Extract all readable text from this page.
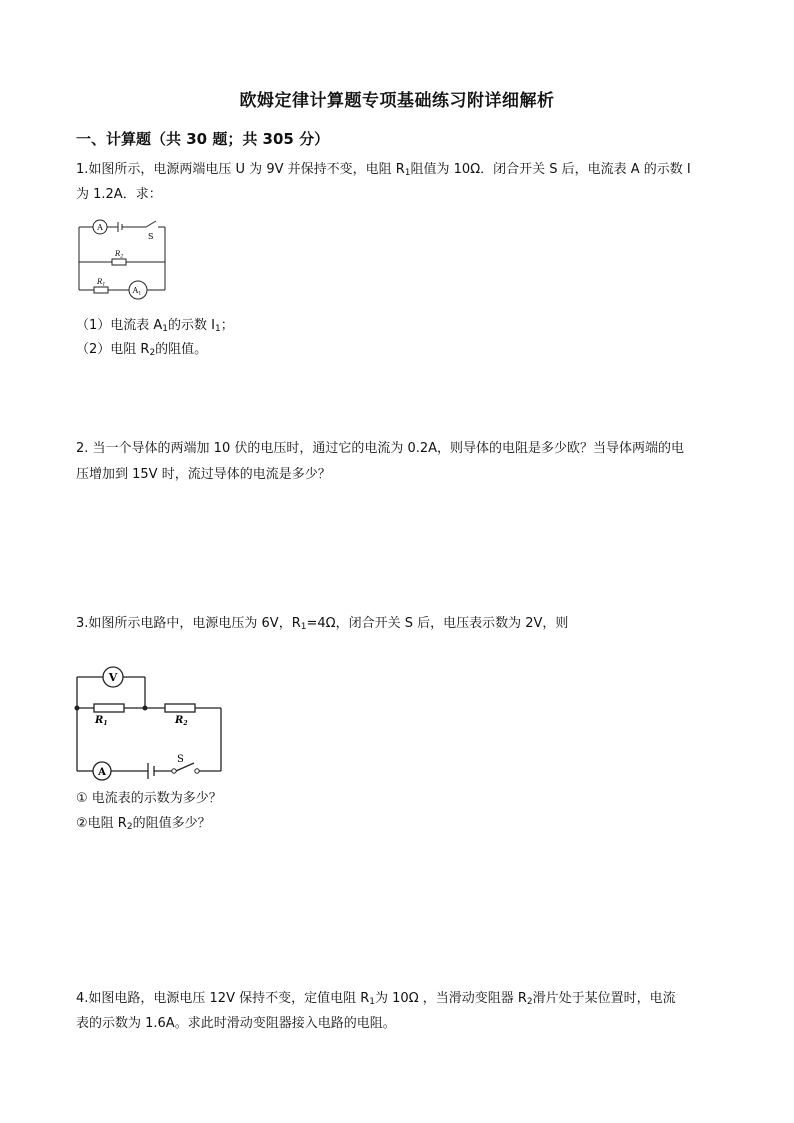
欧姆定律计算题专项基础练习附详细解析
一、计算题（共 30 题；共 305 分）
1.如图所示，电源两端电压 U 为 9V 并保持不变，电阻 $R_1$阻值为 10Ω．闭合开关 S 后，电流表 A 的示数 I
为 1.2A．求：
A
S
$R_2$
$R_1$
A1
（1）电流表 $A_1$的示数 $I_1$；
（2）电阻 $R_2$的阻值。
2. 当一个导体的两端加 10 伏的电压时，通过它的电流为 0.2A，则导体的电阻是多少欧？当导体两端的电
压增加到 15V 时，流过导体的电流是多少？
3.如图所示电路中，电源电压为 6V，$R_1=4\Omega$，闭合开关 S 后，电压表示数为 2V，则
V
$R_1$	$R_2$
A
S
① 电流表的示数为多少？
②电阻 $R_2$的阻值多少？
4.如图电路，电源电压 12V 保持不变，定值电阻 $R_1$为 10Ω ，当滑动变阻器 $R_2$滑片处于某位置时，电流
表的示数为 1.6A。求此时滑动变阻器接入电路的电阻。
